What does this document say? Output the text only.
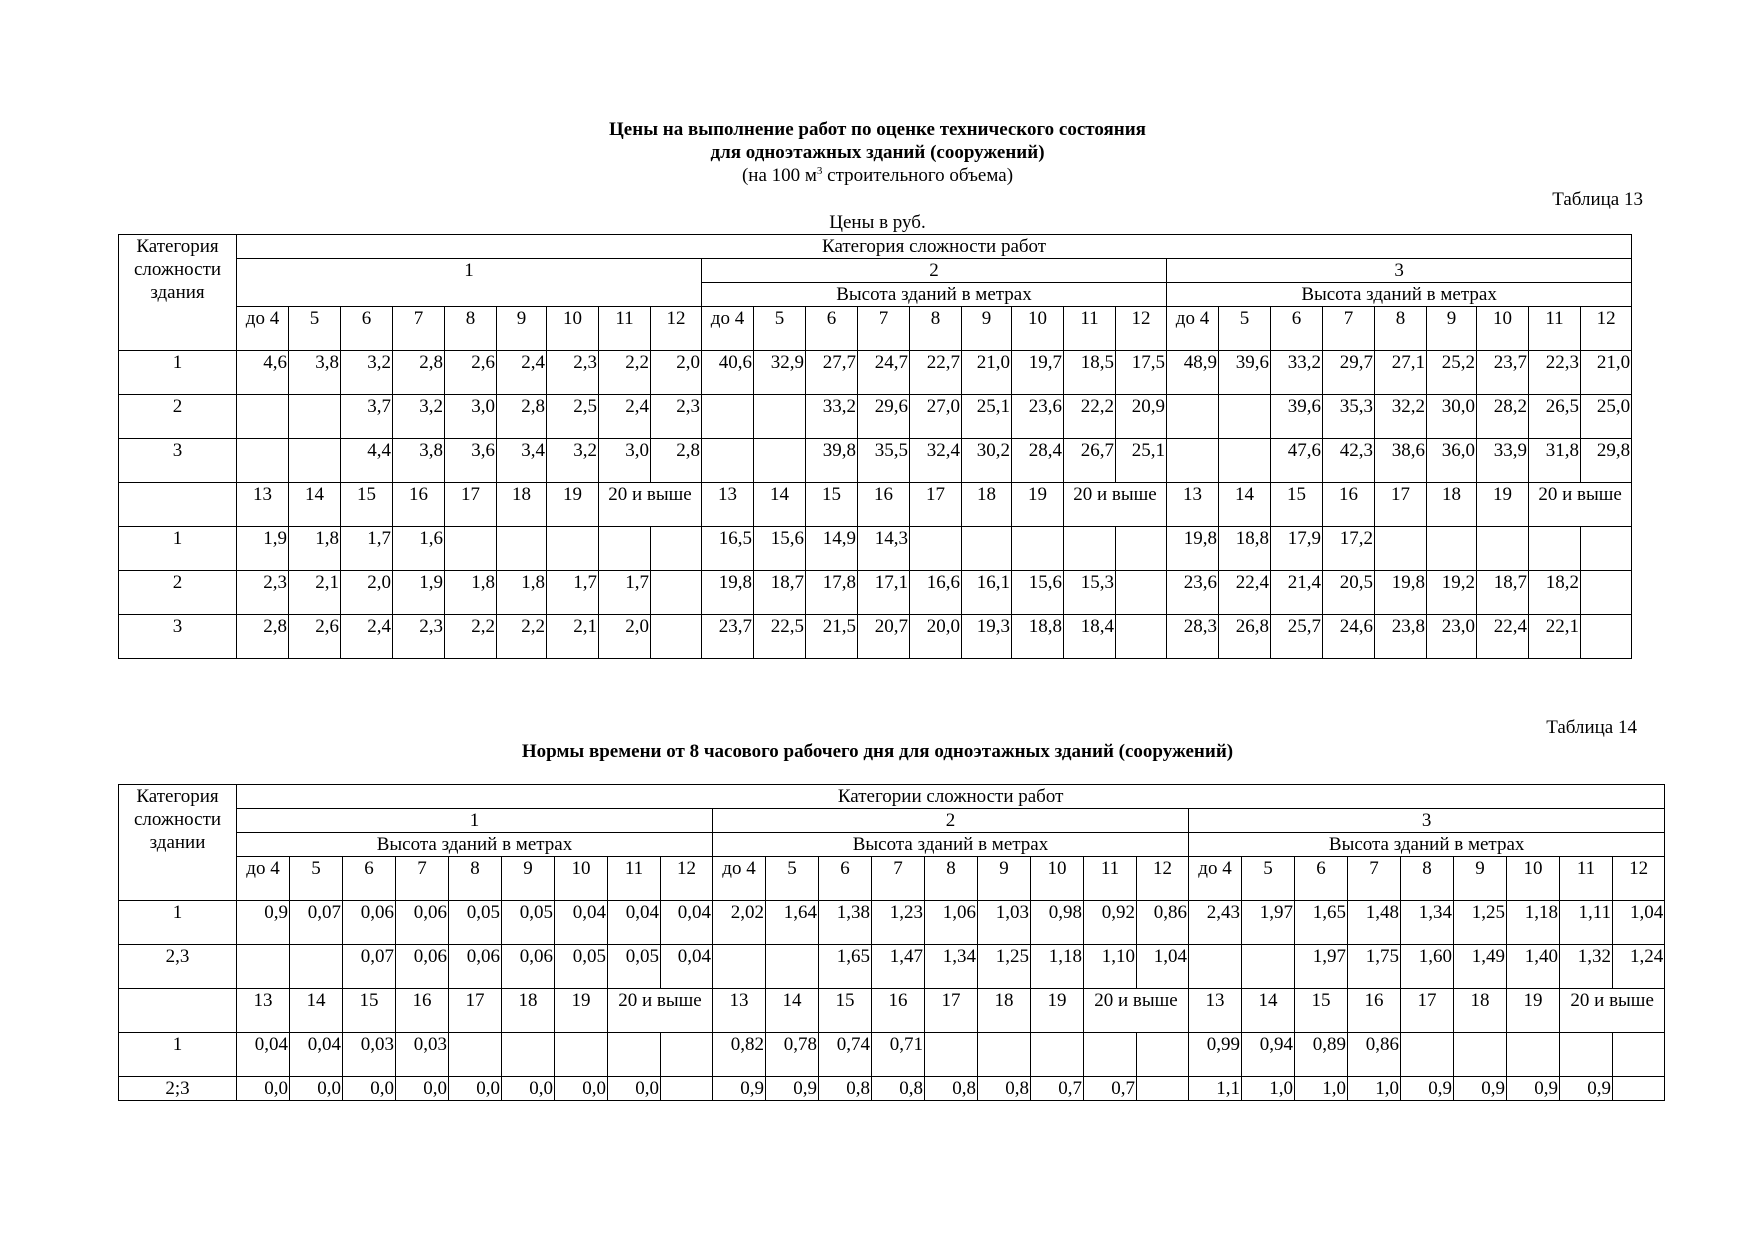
Цены на выполнение работ по оценке технического состояния
для одноэтажных зданий (сооружений)
(на 100 $м^3$ строительного объема)
Таблица 13
Цены в руб.
Категория сложности здания	Категория сложности работ																										
	1									2									3								
										Высота зданий в метрах									Высота зданий в метрах								
	до 4	5	6	7	8	9	10	11	12	до 4	5	6	7	8	9	10	11	12	до 4	5	6	7	8	9	10	11	12
1	4,6	3,8	3,2	2,8	2,6	2,4	2,3	2,2	2,0	40,6	32,9	27,7	24,7	22,7	21,0	19,7	18,5	17,5	48,9	39,6	33,2	29,7	27,1	25,2	23,7	22,3	21,0
2			3,7	3,2	3,0	2,8	2,5	2,4	2,3			33,2	29,6	27,0	25,1	23,6	22,2	20,9			39,6	35,3	32,2	30,0	28,2	26,5	25,0
3			4,4	3,8	3,6	3,4	3,2	3,0	2,8			39,8	35,5	32,4	30,2	28,4	26,7	25,1			47,6	42,3	38,6	36,0	33,9	31,8	29,8
	13	14	15	16	17	18	19	20 и выше		13	14	15	16	17	18	19	20 и выше		13	14	15	16	17	18	19	20 и выше	
1	1,9	1,8	1,7	1,6						16,5	15,6	14,9	14,3						19,8	18,8	17,9	17,2					
2	2,3	2,1	2,0	1,9	1,8	1,8	1,7	1,7		19,8	18,7	17,8	17,1	16,6	16,1	15,6	15,3		23,6	22,4	21,4	20,5	19,8	19,2	18,7	18,2	
3	2,8	2,6	2,4	2,3	2,2	2,2	2,1	2,0		23,7	22,5	21,5	20,7	20,0	19,3	18,8	18,4		28,3	26,8	25,7	24,6	23,8	23,0	22,4	22,1	
Таблица 14
Нормы времени от 8 часового рабочего дня для одноэтажных зданий (сооружений)
Категория сложности здании	Категории сложности работ																										
	1									2									3								
	Высота зданий в метрах									Высота зданий в метрах									Высота зданий в метрах								
	до 4	5	6	7	8	9	10	11	12	до 4	5	6	7	8	9	10	11	12	до 4	5	6	7	8	9	10	11	12
1	0,9	0,07	0,06	0,06	0,05	0,05	0,04	0,04	0,04	2,02	1,64	1,38	1,23	1,06	1,03	0,98	0,92	0,86	2,43	1,97	1,65	1,48	1,34	1,25	1,18	1,11	1,04
2,3			0,07	0,06	0,06	0,06	0,05	0,05	0,04			1,65	1,47	1,34	1,25	1,18	1,10	1,04			1,97	1,75	1,60	1,49	1,40	1,32	1,24
	13	14	15	16	17	18	19	20 и выше		13	14	15	16	17	18	19	20 и выше		13	14	15	16	17	18	19	20 и выше	
1	0,04	0,04	0,03	0,03						0,82	0,78	0,74	0,71						0,99	0,94	0,89	0,86					
2;3	0,0	0,0	0,0	0,0	0,0	0,0	0,0	0,0		0,9	0,9	0,8	0,8	0,8	0,8	0,7	0,7		1,1	1,0	1,0	1,0	0,9	0,9	0,9	0,9	
